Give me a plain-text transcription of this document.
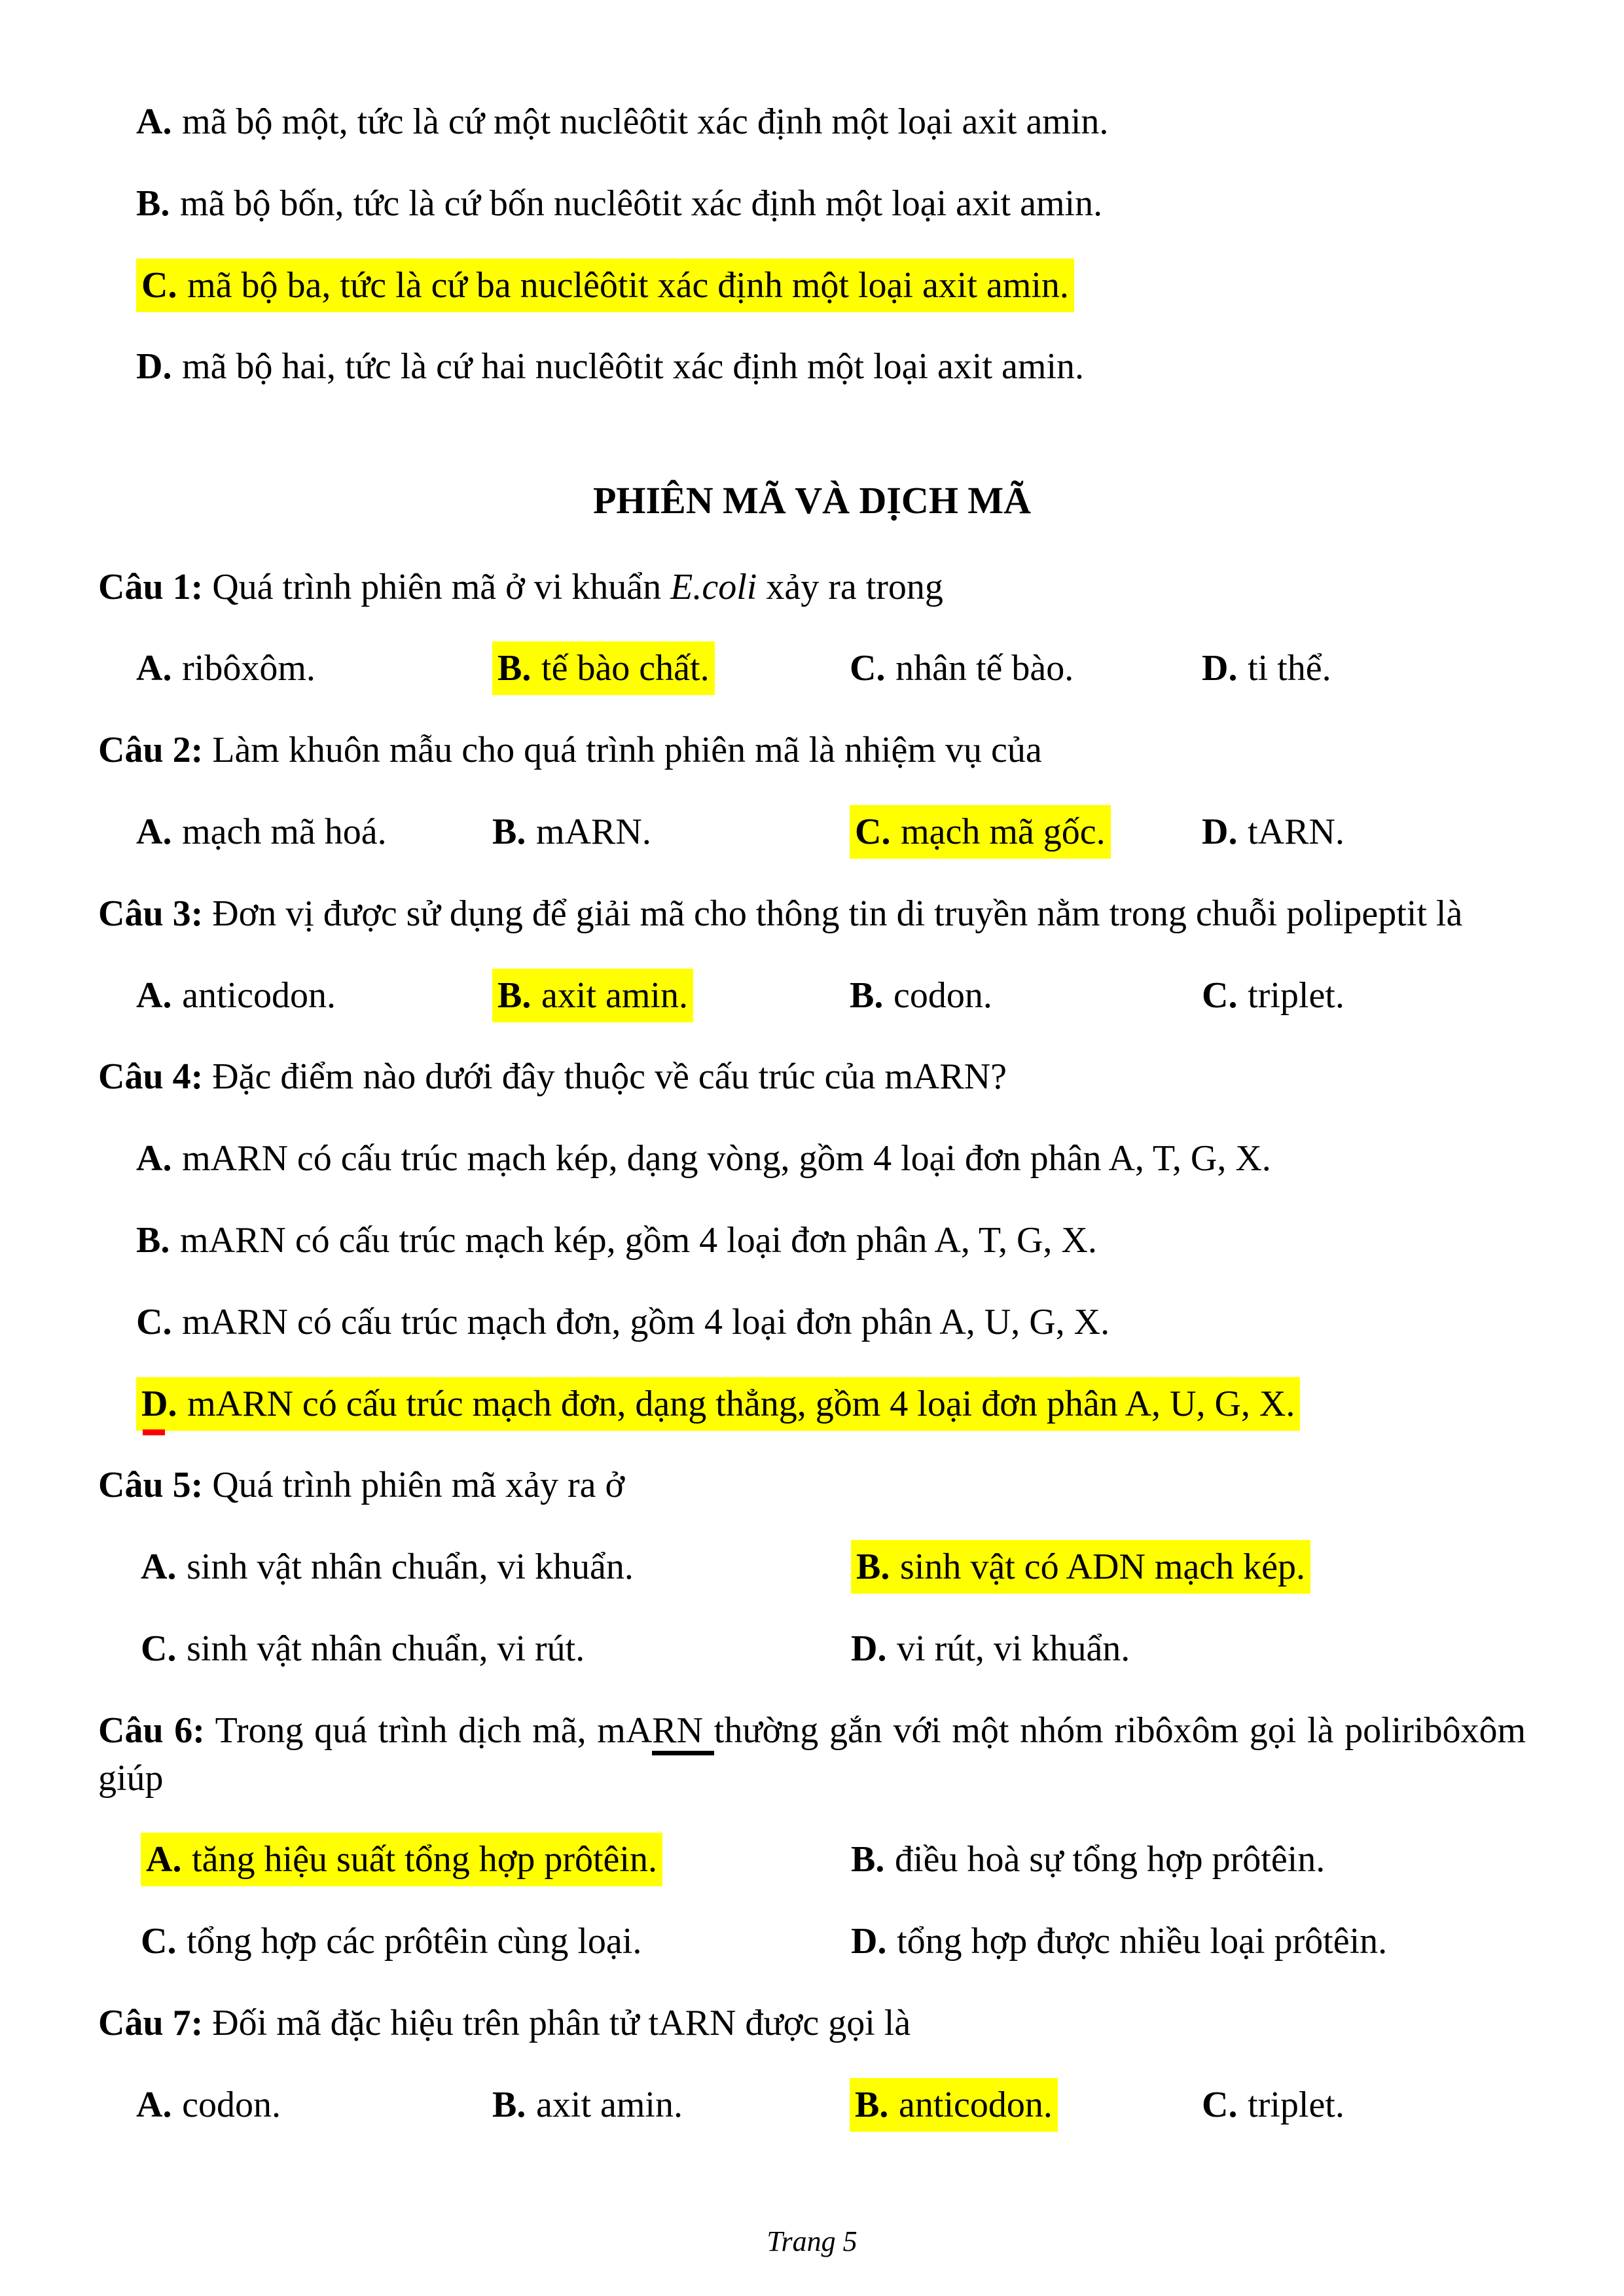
A. mã bộ một, tức là cứ một nuclêôtit xác định một loại axit amin.

B. mã bộ bốn, tức là cứ bốn nuclêôtit xác định một loại axit amin.

C. mã bộ ba, tức là cứ ba nuclêôtit xác định một loại axit amin.

D. mã bộ hai, tức là cứ hai nuclêôtit xác định một loại axit amin.

PHIÊN MÃ VÀ DỊCH MÃ

Câu 1: Quá trình phiên mã ở vi khuẩn E.coli xảy ra trong

A. ribôxôm.	B. tế bào chất.	C. nhân tế bào.	D. ti thể.

Câu 2: Làm khuôn mẫu cho quá trình phiên mã là nhiệm vụ của

A. mạch mã hoá.	B. mARN.	C. mạch mã gốc.	D. tARN.

Câu 3: Đơn vị được sử dụng để giải mã cho thông tin di truyền nằm trong chuỗi polipeptit là

A. anticodon.	B. axit amin.	B. codon.	C. triplet.

Câu 4: Đặc điểm nào dưới đây thuộc về cấu trúc của mARN?

A. mARN có cấu trúc mạch kép, dạng vòng, gồm 4 loại đơn phân A, T, G, X.

B. mARN có cấu trúc mạch kép, gồm 4 loại đơn phân A, T, G, X.

C. mARN có cấu trúc mạch đơn, gồm 4 loại đơn phân A, U, G, X.

D. mARN có cấu trúc mạch đơn, dạng thẳng, gồm 4 loại đơn phân A, U, G, X.

Câu 5: Quá trình phiên mã xảy ra ở

A. sinh vật nhân chuẩn, vi khuẩn.	B. sinh vật có ADN mạch kép.
C. sinh vật nhân chuẩn, vi rút.	D. vi rút, vi khuẩn.

Câu 6: Trong quá trình dịch mã, mARN thường gắn với một nhóm ribôxôm gọi là poliribôxôm giúp

A. tăng hiệu suất tổng hợp prôtêin.	B. điều hoà sự tổng hợp prôtêin.
C. tổng hợp các prôtêin cùng loại.	D. tổng hợp được nhiều loại prôtêin.

Câu 7: Đối mã đặc hiệu trên phân tử tARN được gọi là

A. codon.	B. axit amin.	B. anticodon.	C. triplet.
Trang 5
